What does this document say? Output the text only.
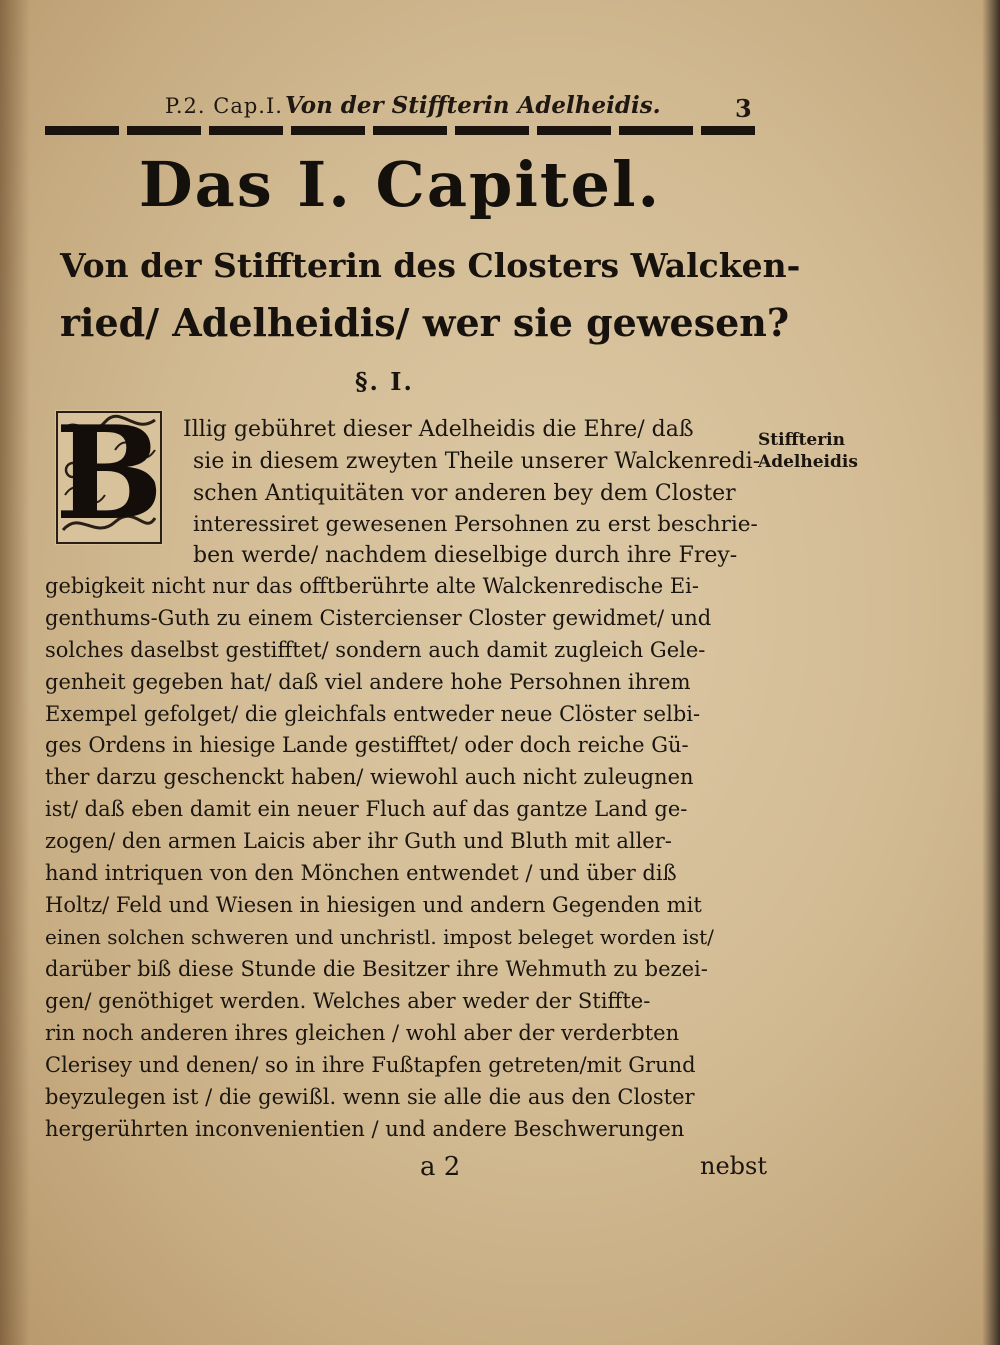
P.2. Cap.I. Von der Stiffterin Adelheidis.	3
Das I. Capitel.
Von der Stiffterin des Closters Walcken-
ried/ Adelheidis/ wer sie gewesen?
§. I.
B	Stiffterin
Adelheidis
Illig gebühret dieser Adelheidis die Ehre/ daß
sie in diesem zweyten Theile unserer Walckenredi-
schen Antiquitäten vor anderen bey dem Closter
interessiret gewesenen Persohnen zu erst beschrie-
ben werde/ nachdem dieselbige durch ihre Frey-
gebigkeit nicht nur das offtberührte alte Walckenredische Ei-
genthums-Guth zu einem Cistercienser Closter gewidmet/ und
solches daselbst gestifftet/ sondern auch damit zugleich Gele-
genheit gegeben hat/ daß viel andere hohe Persohnen ihrem
Exempel gefolget/ die gleichfals entweder neue Clöster selbi-
ges Ordens in hiesige Lande gestifftet/ oder doch reiche Gü-
ther darzu geschenckt haben/ wiewohl auch nicht zuleugnen
ist/ daß eben damit ein neuer Fluch auf das gantze Land ge-
zogen/ den armen Laicis aber ihr Guth und Bluth mit aller-
hand intriquen von den Mönchen entwendet / und über diß
Holtz/ Feld und Wiesen in hiesigen und andern Gegenden mit
einen solchen schweren und unchristl. impost beleget worden ist/
darüber biß diese Stunde die Besitzer ihre Wehmuth zu bezei-
gen/ genöthiget werden. Welches aber weder der Stiffte-
rin noch anderen ihres gleichen / wohl aber der verderbten
Clerisey und denen/ so in ihre Fußtapfen getreten/mit Grund
beyzulegen ist / die gewißl. wenn sie alle die aus den Closter
hergerührten inconvenientien / und andere Beschwerungen
a 2	nebst
